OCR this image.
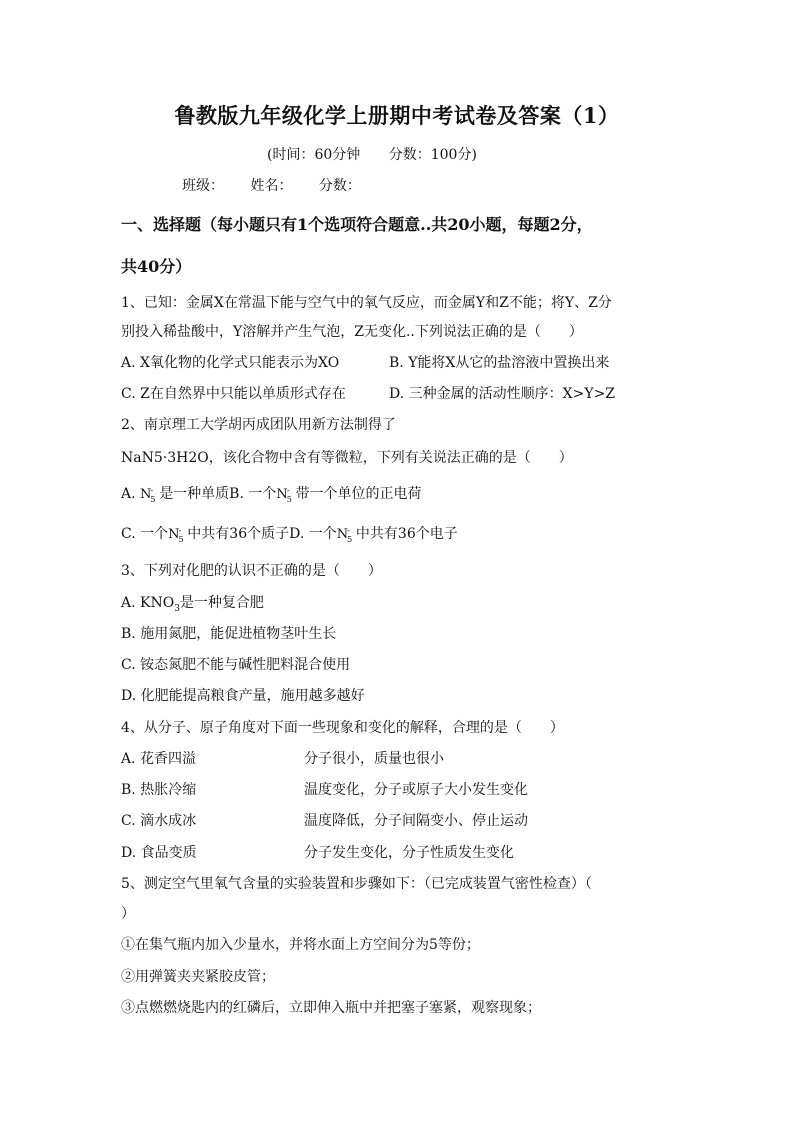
鲁教版九年级化学上册期中考试卷及答案（1）
(时间：60分钟 分数：100分)
班级： 姓名： 分数：
一、选择题（每小题只有1个选项符合题意..共20小题，每题2分，
共40分）
1、已知：金属X在常温下能与空气中的氧气反应，而金属Y和Z不能；将Y、Z分
别投入稀盐酸中，Y溶解并产生气泡，Z无变化..下列说法正确的是（　　）
A. X氧化物的化学式只能表示为XO	B. Y能将X从它的盐溶液中置换出来
C. Z在自然界中只能以单质形式存在	D. 三种金属的活动性顺序：X>Y>Z
2、南京理工大学胡丙成团队用新方法制得了
NaN5·3H2O，该化合物中含有等微粒，下列有关说法正确的是（　　）
A. $N_5^-$ 是一种单质B. 一个$N_5^-$ 带一个单位的正电荷
C. 一个$N_5^-$ 中共有36个质子D. 一个$N_5^-$ 中共有36个电子
3、下列对化肥的认识不正确的是（　　）
A. $KNO_3$是一种复合肥
B. 施用氮肥，能促进植物茎叶生长
C. 铵态氮肥不能与碱性肥料混合使用
D. 化肥能提高粮食产量，施用越多越好
4、从分子、原子角度对下面一些现象和变化的解释，合理的是（　　）
A. 花香四溢	分子很小，质量也很小
B. 热胀冷缩	温度变化，分子或原子大小发生变化
C. 滴水成冰	温度降低，分子间隔变小、停止运动
D. 食品变质	分子发生变化，分子性质发生变化
5、测定空气里氧气含量的实验装置和步骤如下：（已完成装置气密性检查）（
）
①在集气瓶内加入少量水，并将水面上方空间分为5等份；
②用弹簧夹夹紧胶皮管；
③点燃燃烧匙内的红磷后，立即伸入瓶中并把塞子塞紧，观察现象；
